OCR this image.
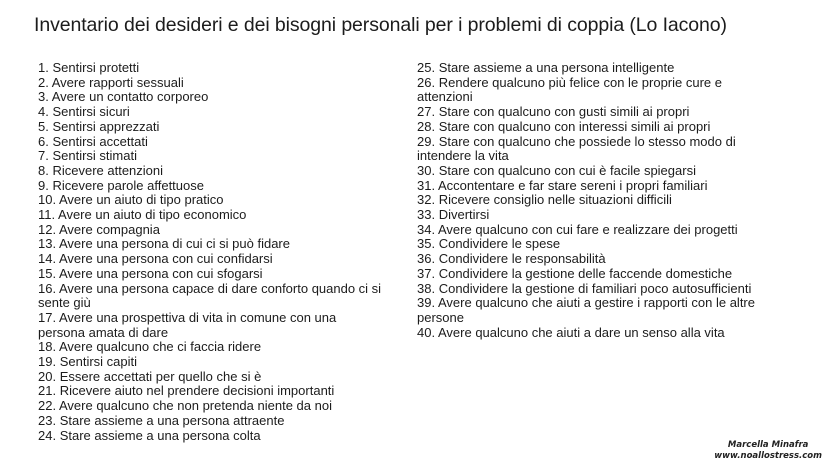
Inventario dei desideri e dei bisogni personali per i problemi di coppia (Lo Iacono)
1. Sentirsi protetti
2. Avere rapporti sessuali
3. Avere un contatto corporeo
4. Sentirsi sicuri
5. Sentirsi apprezzati
6. Sentirsi accettati
7. Sentirsi stimati
8. Ricevere attenzioni
9. Ricevere parole affettuose
10. Avere un aiuto di tipo pratico
11. Avere un aiuto di tipo economico
12. Avere compagnia
13. Avere una persona di cui ci si può fidare
14. Avere una persona con cui confidarsi
15. Avere una persona con cui sfogarsi
16. Avere una persona capace di dare conforto quando ci si sente giù
17. Avere una prospettiva di vita in comune con una persona amata di dare
18. Avere qualcuno che ci faccia ridere
19. Sentirsi capiti
20. Essere accettati per quello che si è
21. Ricevere aiuto nel prendere decisioni importanti
22. Avere qualcuno che non pretenda niente da noi
23. Stare assieme a una persona attraente
24. Stare assieme a una persona colta
25. Stare assieme a una persona intelligente
26. Rendere qualcuno più felice con le proprie cure e attenzioni
27. Stare con qualcuno con gusti simili ai propri
28. Stare con qualcuno con interessi simili ai propri
29. Stare con qualcuno che possiede lo stesso modo di intendere la vita
30. Stare con qualcuno con cui è facile spiegarsi
31. Accontentare e far stare sereni i propri familiari
32. Ricevere consiglio nelle situazioni difficili
33. Divertirsi
34. Avere qualcuno con cui fare e realizzare dei progetti
35. Condividere le spese
36. Condividere le responsabilità
37. Condividere la gestione delle faccende domestiche
38. Condividere la gestione di familiari poco autosufficienti
39. Avere qualcuno che aiuti a gestire i rapporti con le altre persone
40. Avere qualcuno che aiuti a dare un senso alla vita
Marcella Minafra
www.noallostress.com
